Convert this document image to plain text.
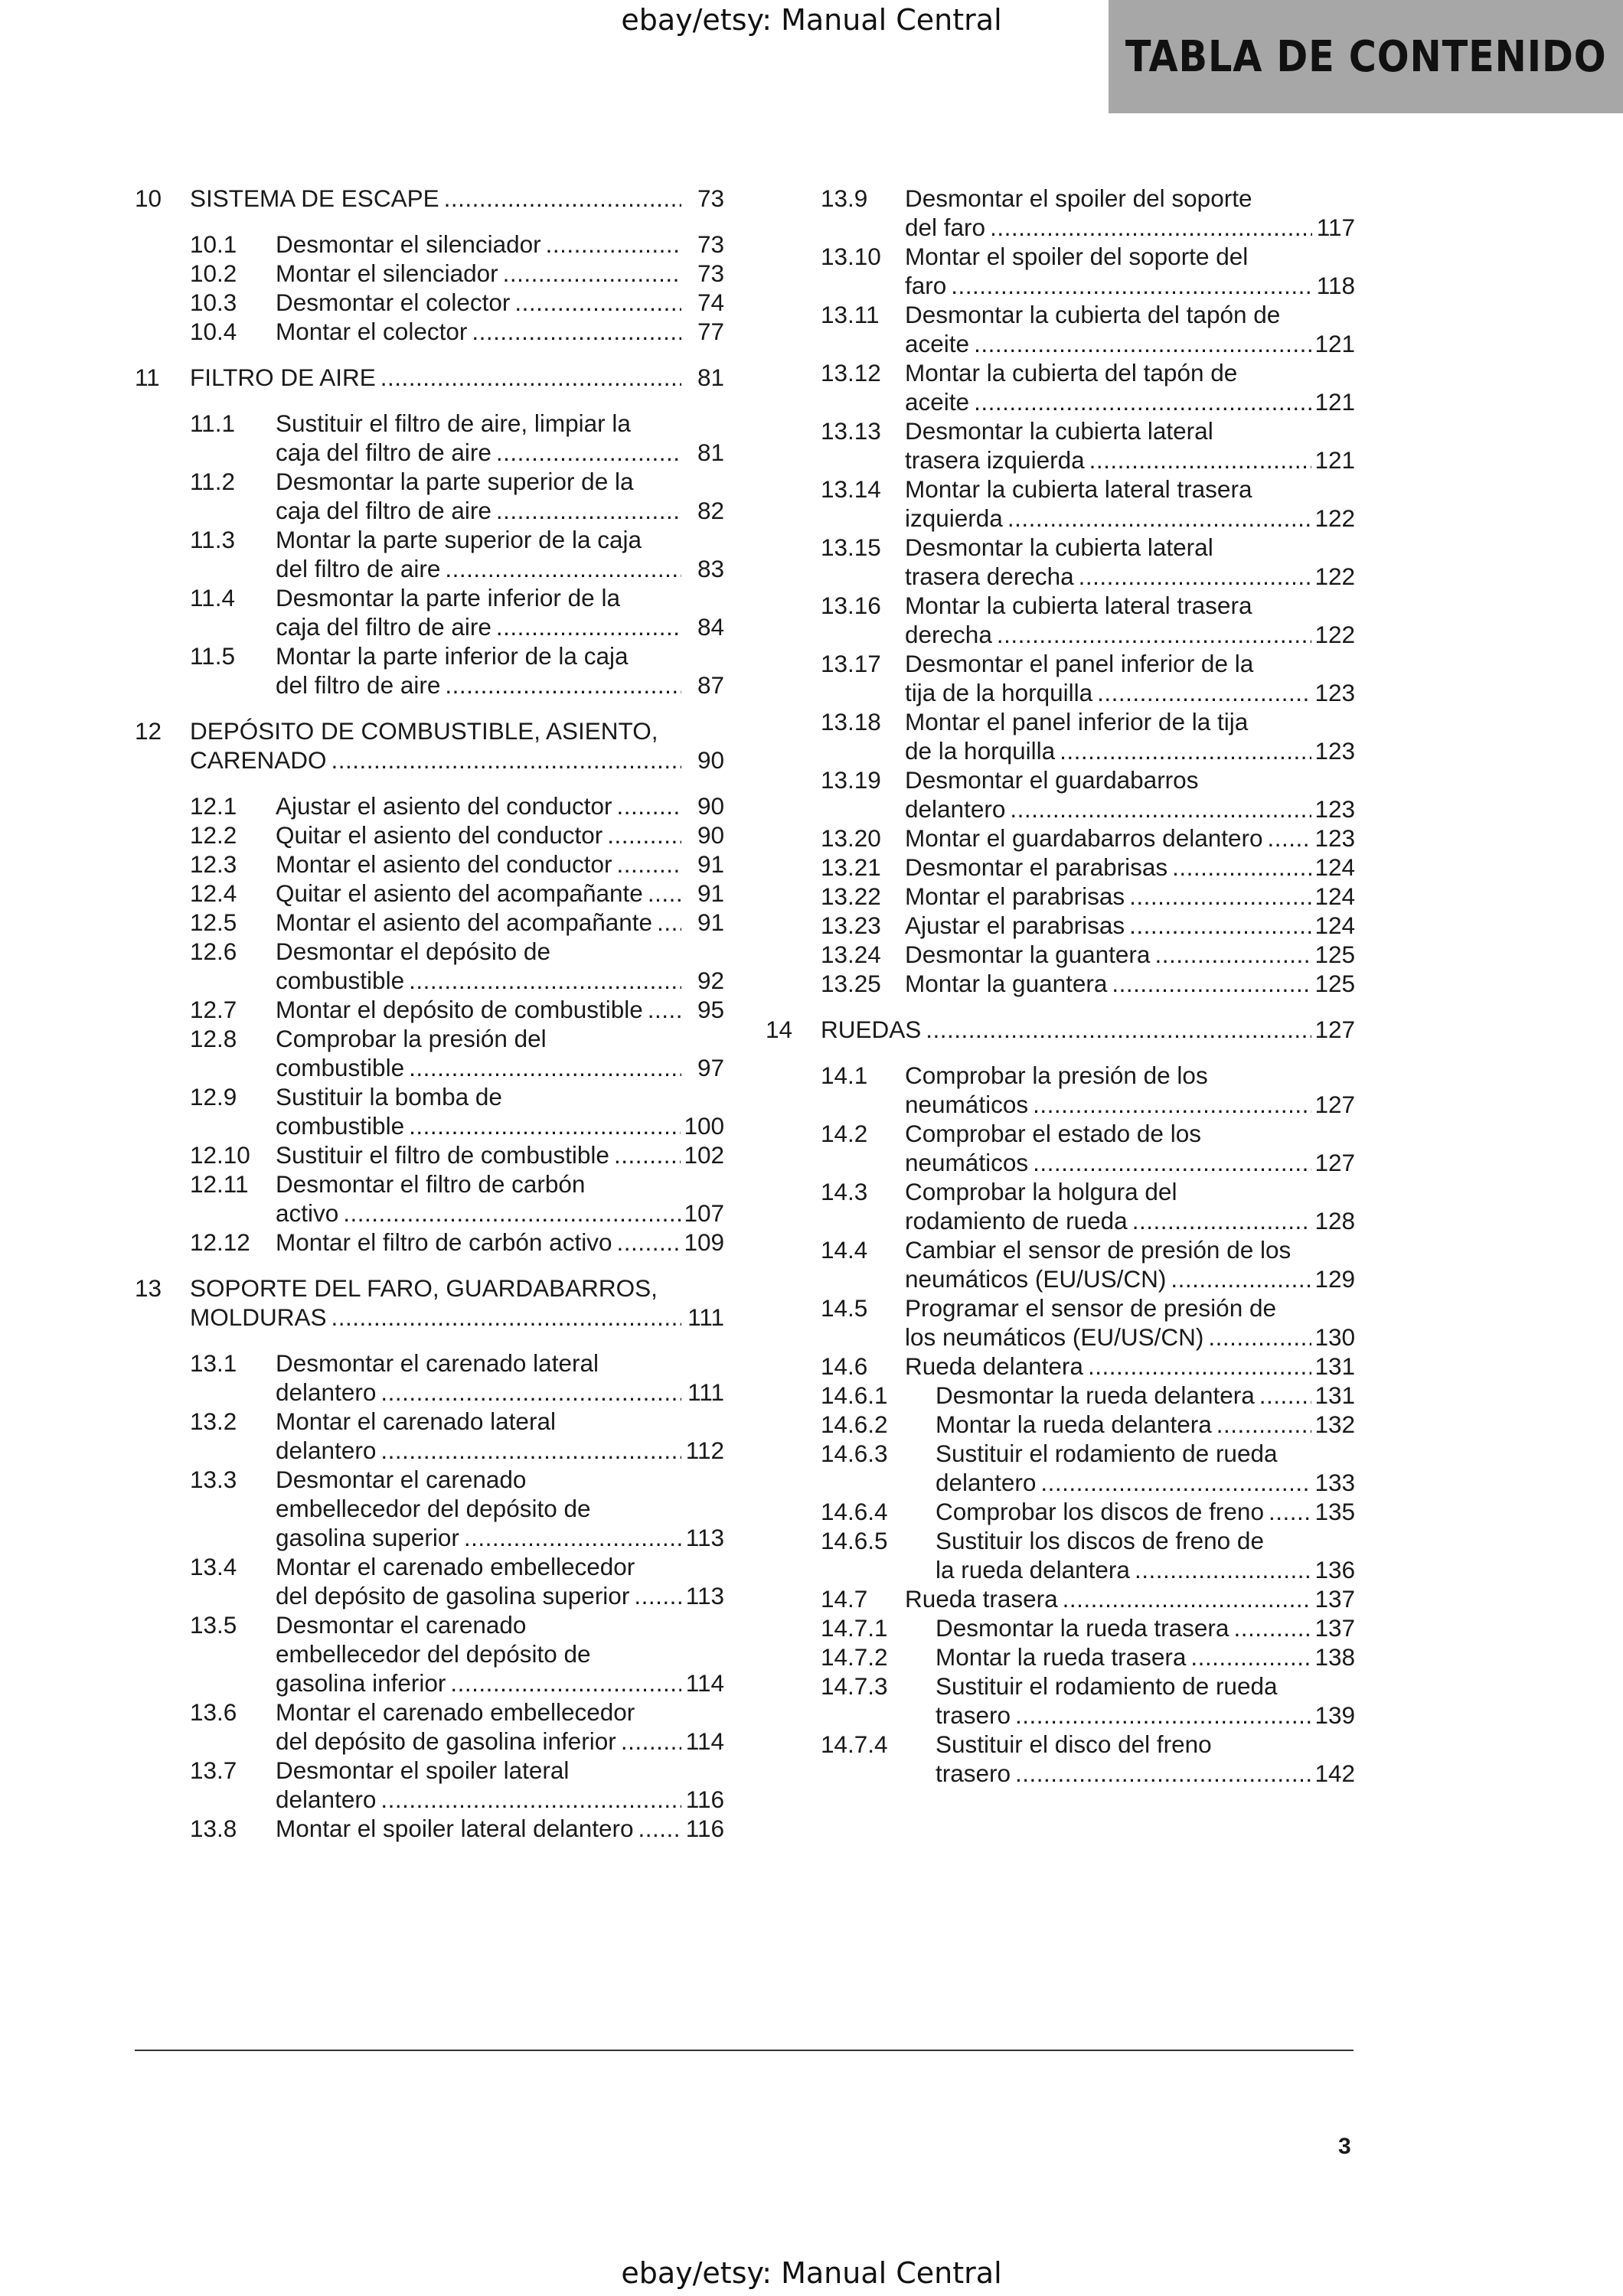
ebay/etsy: Manual Central
TABLA DE CONTENIDO
10 SISTEMA DE ESCAPE .....	73
10.1 Desmontar el silenciador .....	73
10.2 Montar el silenciador .....	73
10.3 Desmontar el colector .....	74
10.4 Montar el colector .....	77
11 FILTRO DE AIRE .....	81
11.1 Sustituir el filtro de aire, limpiar la
caja del filtro de aire .....	81
11.2 Desmontar la parte superior de la
caja del filtro de aire .....	82
11.3 Montar la parte superior de la caja
del filtro de aire .....	83
11.4 Desmontar la parte inferior de la
caja del filtro de aire .....	84
11.5 Montar la parte inferior de la caja
del filtro de aire .....	87
12 DEPÓSITO DE COMBUSTIBLE, ASIENTO,
CARENADO .....	90
12.1 Ajustar el asiento del conductor .....	90
12.2 Quitar el asiento del conductor .....	90
12.3 Montar el asiento del conductor .....	91
12.4 Quitar el asiento del acompañante .....	91
12.5 Montar el asiento del acompañante .....	91
12.6 Desmontar el depósito de
combustible .....	92
12.7 Montar el depósito de combustible .....	95
12.8 Comprobar la presión del
combustible .....	97
12.9 Sustituir la bomba de
combustible .....	100
12.10 Sustituir el filtro de combustible .....	102
12.11 Desmontar el filtro de carbón
activo .....	107
12.12 Montar el filtro de carbón activo .....	109
13 SOPORTE DEL FARO, GUARDABARROS,
MOLDURAS .....	111
13.1 Desmontar el carenado lateral
delantero .....	111
13.2 Montar el carenado lateral
delantero .....	112
13.3 Desmontar el carenado
embellecedor del depósito de
gasolina superior .....	113
13.4 Montar el carenado embellecedor
del depósito de gasolina superior ..... 113
13.5 Desmontar el carenado
embellecedor del depósito de
gasolina inferior .....	114
13.6 Montar el carenado embellecedor
del depósito de gasolina inferior .....	114
13.7 Desmontar el spoiler lateral
delantero .....	116
13.8 Montar el spoiler lateral delantero ..... 116
13.9 Desmontar el spoiler del soporte
del faro .....	117
13.10 Montar el spoiler del soporte del
faro .....	118
13.11 Desmontar la cubierta del tapón de
aceite .....	121
13.12 Montar la cubierta del tapón de
aceite .....	121
13.13 Desmontar la cubierta lateral
trasera izquierda .....	121
13.14 Montar la cubierta lateral trasera
izquierda .....	122
13.15 Desmontar la cubierta lateral
trasera derecha .....	122
13.16 Montar la cubierta lateral trasera
derecha .....	122
13.17 Desmontar el panel inferior de la
tija de la horquilla .....	123
13.18 Montar el panel inferior de la tija
de la horquilla .....	123
13.19 Desmontar el guardabarros
delantero .....	123
13.20 Montar el guardabarros delantero ..... 123
13.21 Desmontar el parabrisas .....	124
13.22 Montar el parabrisas .....	124
13.23 Ajustar el parabrisas .....	124
13.24 Desmontar la guantera .....	125
13.25 Montar la guantera .....	125
14 RUEDAS .....	127
14.1 Comprobar la presión de los
neumáticos .....	127
14.2 Comprobar el estado de los
neumáticos .....	127
14.3 Comprobar la holgura del
rodamiento de rueda .....	128
14.4 Cambiar el sensor de presión de los
neumáticos (EU/US/CN) .....	129
14.5 Programar el sensor de presión de
los neumáticos (EU/US/CN) .....	130
14.6 Rueda delantera .....	131
14.6.1 Desmontar la rueda delantera ..... 131
14.6.2 Montar la rueda delantera .....	132
14.6.3 Sustituir el rodamiento de rueda
delantero .....	133
14.6.4 Comprobar los discos de freno ..... 135
14.6.5 Sustituir los discos de freno de
la rueda delantera .....	136
14.7 Rueda trasera .....	137
14.7.1 Desmontar la rueda trasera .....	137
14.7.2 Montar la rueda trasera .....	138
14.7.3 Sustituir el rodamiento de rueda
trasero .....	139
14.7.4 Sustituir el disco del freno
trasero .....	142
3
ebay/etsy: Manual Central
